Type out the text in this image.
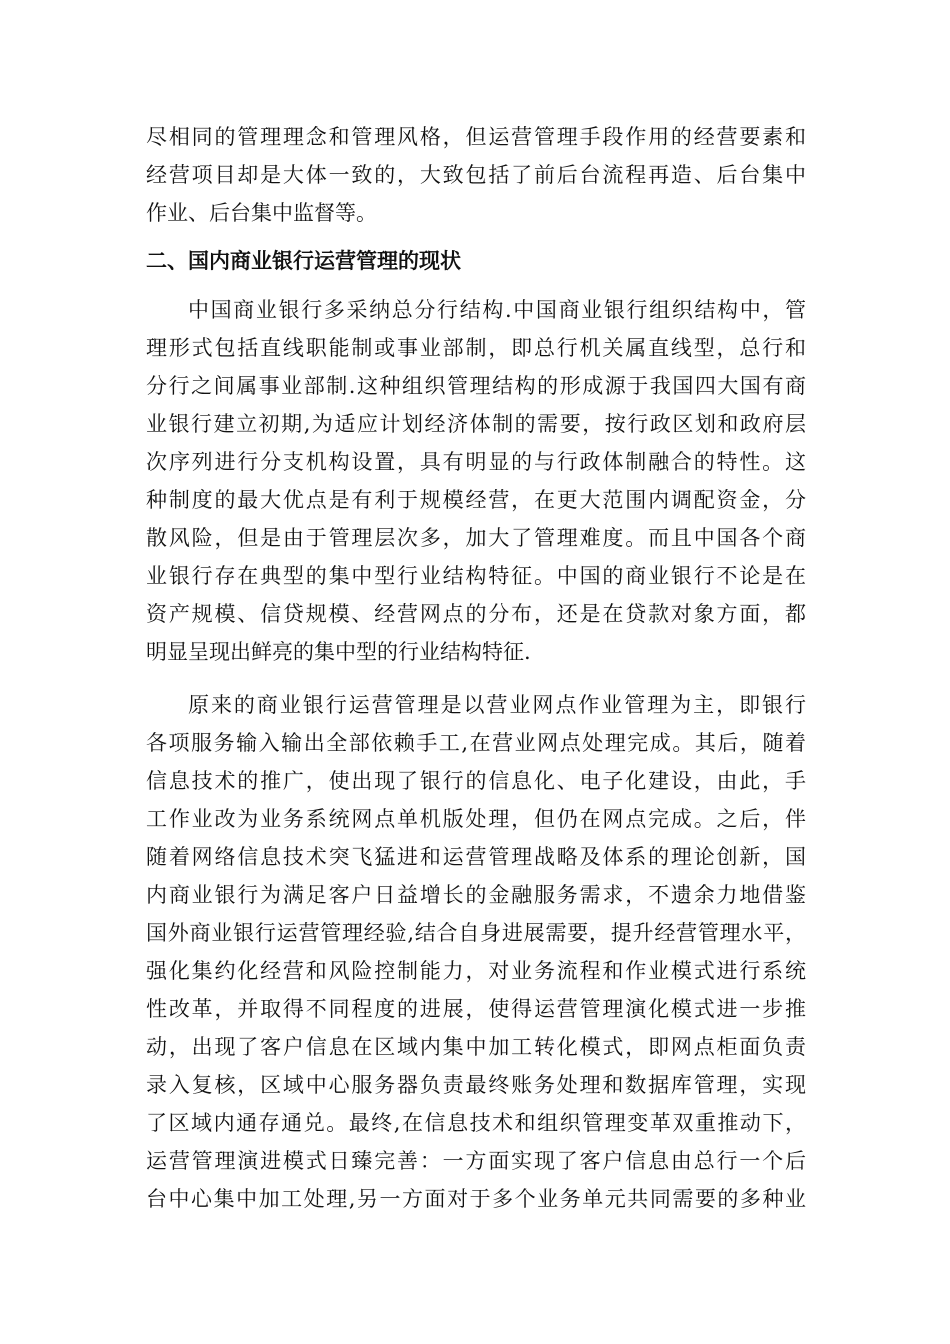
尽相同的管理理念和管理风格，但运营管理手段作用的经营要素和
经营项目却是大体一致的，大致包括了前后台流程再造、后台集中
作业、后台集中监督等。
二、国内商业银行运营管理的现状
中国商业银行多采纳总分行结构.中国商业银行组织结构中，管
理形式包括直线职能制或事业部制，即总行机关属直线型，总行和
分行之间属事业部制.这种组织管理结构的形成源于我国四大国有商
业银行建立初期,为适应计划经济体制的需要，按行政区划和政府层
次序列进行分支机构设置，具有明显的与行政体制融合的特性。这
种制度的最大优点是有利于规模经营，在更大范围内调配资金，分
散风险，但是由于管理层次多，加大了管理难度。而且中国各个商
业银行存在典型的集中型行业结构特征。中国的商业银行不论是在
资产规模、信贷规模、经营网点的分布，还是在贷款对象方面，都
明显呈现出鲜亮的集中型的行业结构特征.
原来的商业银行运营管理是以营业网点作业管理为主，即银行
各项服务输入输出全部依赖手工,在营业网点处理完成。其后，随着
信息技术的推广，使出现了银行的信息化、电子化建设，由此，手
工作业改为业务系统网点单机版处理，但仍在网点完成。之后，伴
随着网络信息技术突飞猛进和运营管理战略及体系的理论创新，国
内商业银行为满足客户日益增长的金融服务需求，不遗余力地借鉴
国外商业银行运营管理经验,结合自身进展需要，提升经营管理水平，
强化集约化经营和风险控制能力，对业务流程和作业模式进行系统
性改革，并取得不同程度的进展，使得运营管理演化模式进一步推
动，出现了客户信息在区域内集中加工转化模式，即网点柜面负责
录入复核，区域中心服务器负责最终账务处理和数据库管理，实现
了区域内通存通兑。最终,在信息技术和组织管理变革双重推动下，
运营管理演进模式日臻完善：一方面实现了客户信息由总行一个后
台中心集中加工处理,另一方面对于多个业务单元共同需要的多种业
